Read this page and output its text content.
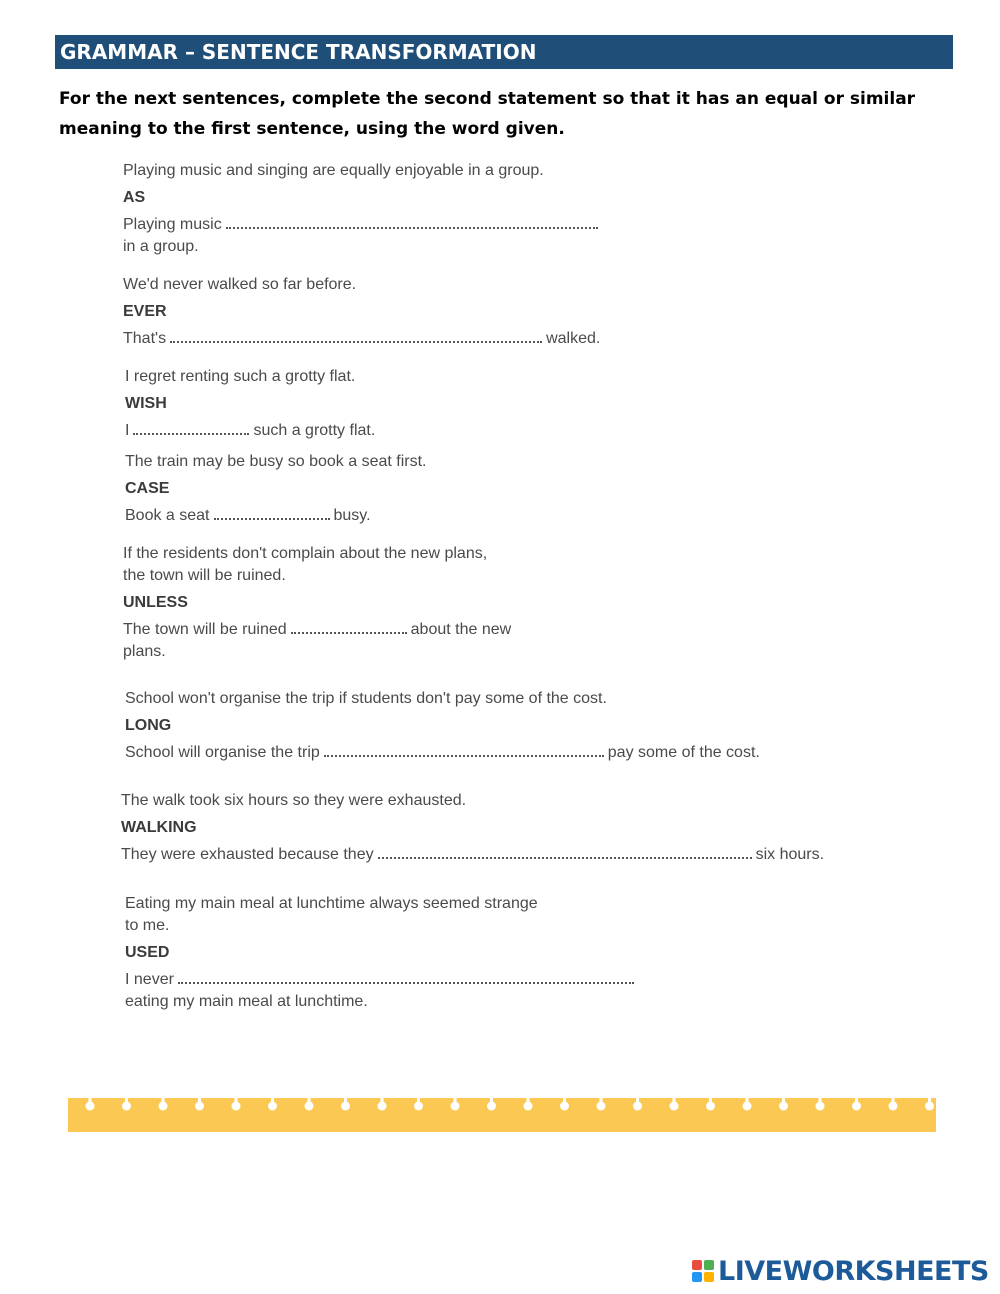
GRAMMAR – SENTENCE TRANSFORMATION
For the next sentences, complete the second statement so that it has an equal or similar meaning to the first sentence, using the word given.
Playing music and singing are equally enjoyable in a group.
AS
Playing music
in a group.
We'd never walked so far before.
EVER
That's	walked.
I regret renting such a grotty flat.
WISH
I	such a grotty flat.
The train may be busy so book a seat first.
CASE
Book a seat	busy.
If the residents don't complain about the new plans,
the town will be ruined.
UNLESS
The town will be ruined	about the new
plans.
School won't organise the trip if students don't pay some of the cost.
LONG
School will organise the trip	pay some of the cost.
The walk took six hours so they were exhausted.
WALKING
They were exhausted because they	six hours.
Eating my main meal at lunchtime always seemed strange
to me.
USED
I never
eating my main meal at lunchtime.
LIVEWORKSHEETS
